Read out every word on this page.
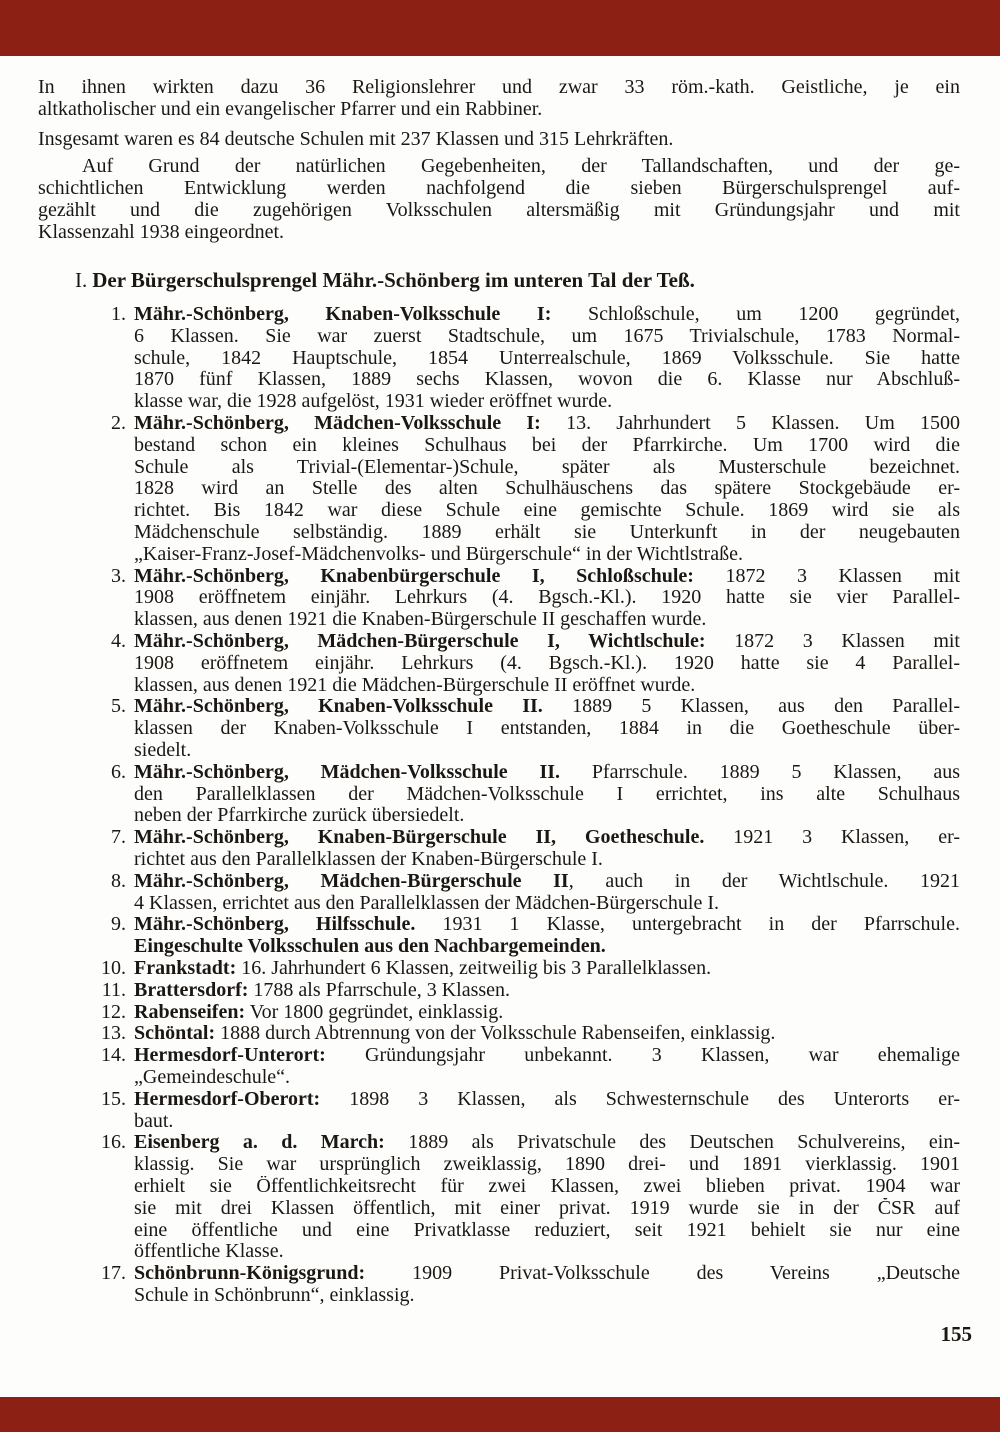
In ihnen wirkten dazu 36 Religionslehrer und zwar 33 röm.-kath. Geistliche, je ein
altkatholischer und ein evangelischer Pfarrer und ein Rabbiner.
Insgesamt waren es 84 deutsche Schulen mit 237 Klassen und 315 Lehrkräften.
Auf Grund der natürlichen Gegebenheiten, der Tallandschaften, und der ge-
schichtlichen Entwicklung werden nachfolgend die sieben Bürgerschulsprengel auf-
gezählt und die zugehörigen Volksschulen altersmäßig mit Gründungsjahr und mit
Klassenzahl 1938 eingeordnet.
I. Der Bürgerschulsprengel Mähr.-Schönberg im unteren Tal der Teß.
1. Mähr.-Schönberg, Knaben-Volksschule I: Schloßschule, um 1200 gegründet,
6 Klassen. Sie war zuerst Stadtschule, um 1675 Trivialschule, 1783 Normal-
schule, 1842 Hauptschule, 1854 Unterrealschule, 1869 Volksschule. Sie hatte
1870 fünf Klassen, 1889 sechs Klassen, wovon die 6. Klasse nur Abschluß-
klasse war, die 1928 aufgelöst, 1931 wieder eröffnet wurde.
2. Mähr.-Schönberg, Mädchen-Volksschule I: 13. Jahrhundert 5 Klassen. Um 1500
bestand schon ein kleines Schulhaus bei der Pfarrkirche. Um 1700 wird die
Schule als Trivial-(Elementar-)Schule, später als Musterschule bezeichnet.
1828 wird an Stelle des alten Schulhäuschens das spätere Stockgebäude er-
richtet. Bis 1842 war diese Schule eine gemischte Schule. 1869 wird sie als
Mädchenschule selbständig. 1889 erhält sie Unterkunft in der neugebauten
„Kaiser-Franz-Josef-Mädchenvolks- und Bürgerschule“ in der Wichtlstraße.
3. Mähr.-Schönberg, Knabenbürgerschule I, Schloßschule: 1872 3 Klassen mit
1908 eröffnetem einjähr. Lehrkurs (4. Bgsch.-Kl.). 1920 hatte sie vier Parallel-
klassen, aus denen 1921 die Knaben-Bürgerschule II geschaffen wurde.
4. Mähr.-Schönberg, Mädchen-Bürgerschule I, Wichtlschule: 1872 3 Klassen mit
1908 eröffnetem einjähr. Lehrkurs (4. Bgsch.-Kl.). 1920 hatte sie 4 Parallel-
klassen, aus denen 1921 die Mädchen-Bürgerschule II eröffnet wurde.
5. Mähr.-Schönberg, Knaben-Volksschule II. 1889 5 Klassen, aus den Parallel-
klassen der Knaben-Volksschule I entstanden, 1884 in die Goetheschule über-
siedelt.
6. Mähr.-Schönberg, Mädchen-Volksschule II. Pfarrschule. 1889 5 Klassen, aus
den Parallelklassen der Mädchen-Volksschule I errichtet, ins alte Schulhaus
neben der Pfarrkirche zurück übersiedelt.
7. Mähr.-Schönberg, Knaben-Bürgerschule II, Goetheschule. 1921 3 Klassen, er-
richtet aus den Parallelklassen der Knaben-Bürgerschule I.
8. Mähr.-Schönberg, Mädchen-Bürgerschule II, auch in der Wichtlschule. 1921
4 Klassen, errichtet aus den Parallelklassen der Mädchen-Bürgerschule I.
9. Mähr.-Schönberg, Hilfsschule. 1931 1 Klasse, untergebracht in der Pfarrschule.
Eingeschulte Volksschulen aus den Nachbargemeinden.
10. Frankstadt: 16. Jahrhundert 6 Klassen, zeitweilig bis 3 Parallelklassen.
11. Brattersdorf: 1788 als Pfarrschule, 3 Klassen.
12. Rabenseifen: Vor 1800 gegründet, einklassig.
13. Schöntal: 1888 durch Abtrennung von der Volksschule Rabenseifen, einklassig.
14. Hermesdorf-Unterort: Gründungsjahr unbekannt. 3 Klassen, war ehemalige
„Gemeindeschule“.
15. Hermesdorf-Oberort: 1898 3 Klassen, als Schwesternschule des Unterorts er-
baut.
16. Eisenberg a. d. March: 1889 als Privatschule des Deutschen Schulvereins, ein-
klassig. Sie war ursprünglich zweiklassig, 1890 drei- und 1891 vierklassig. 1901
erhielt sie Öffentlichkeitsrecht für zwei Klassen, zwei blieben privat. 1904 war
sie mit drei Klassen öffentlich, mit einer privat. 1919 wurde sie in der ČSR auf
eine öffentliche und eine Privatklasse reduziert, seit 1921 behielt sie nur eine
öffentliche Klasse.
17. Schönbrunn-Königsgrund: 1909 Privat-Volksschule des Vereins „Deutsche
Schule in Schönbrunn“, einklassig.
155
